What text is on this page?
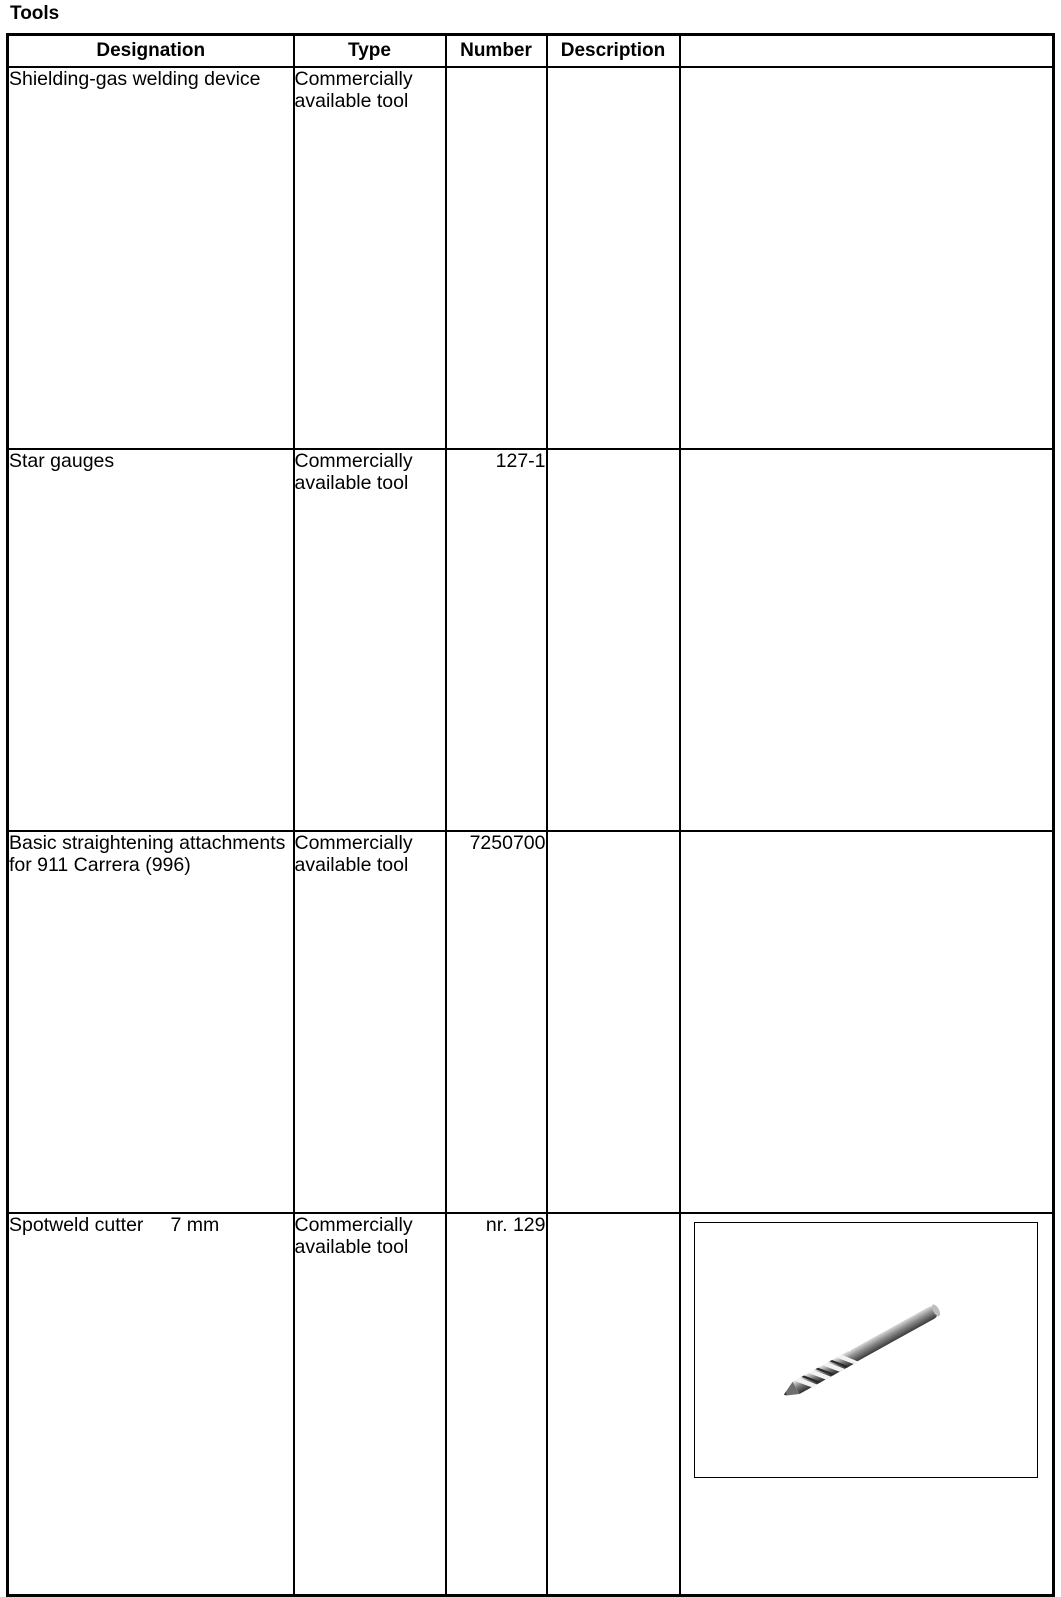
Tools
Designation	Type	Number	Description	

Shielding-gas welding device	Commercially available tool			

Star gauges	Commercially available tool	127-1		

Basic straightening attachments for 911 Carrera (996)	Commercially available tool	7250700		

Spotweld cutter     7 mm	Commercially available tool	nr. 129		
